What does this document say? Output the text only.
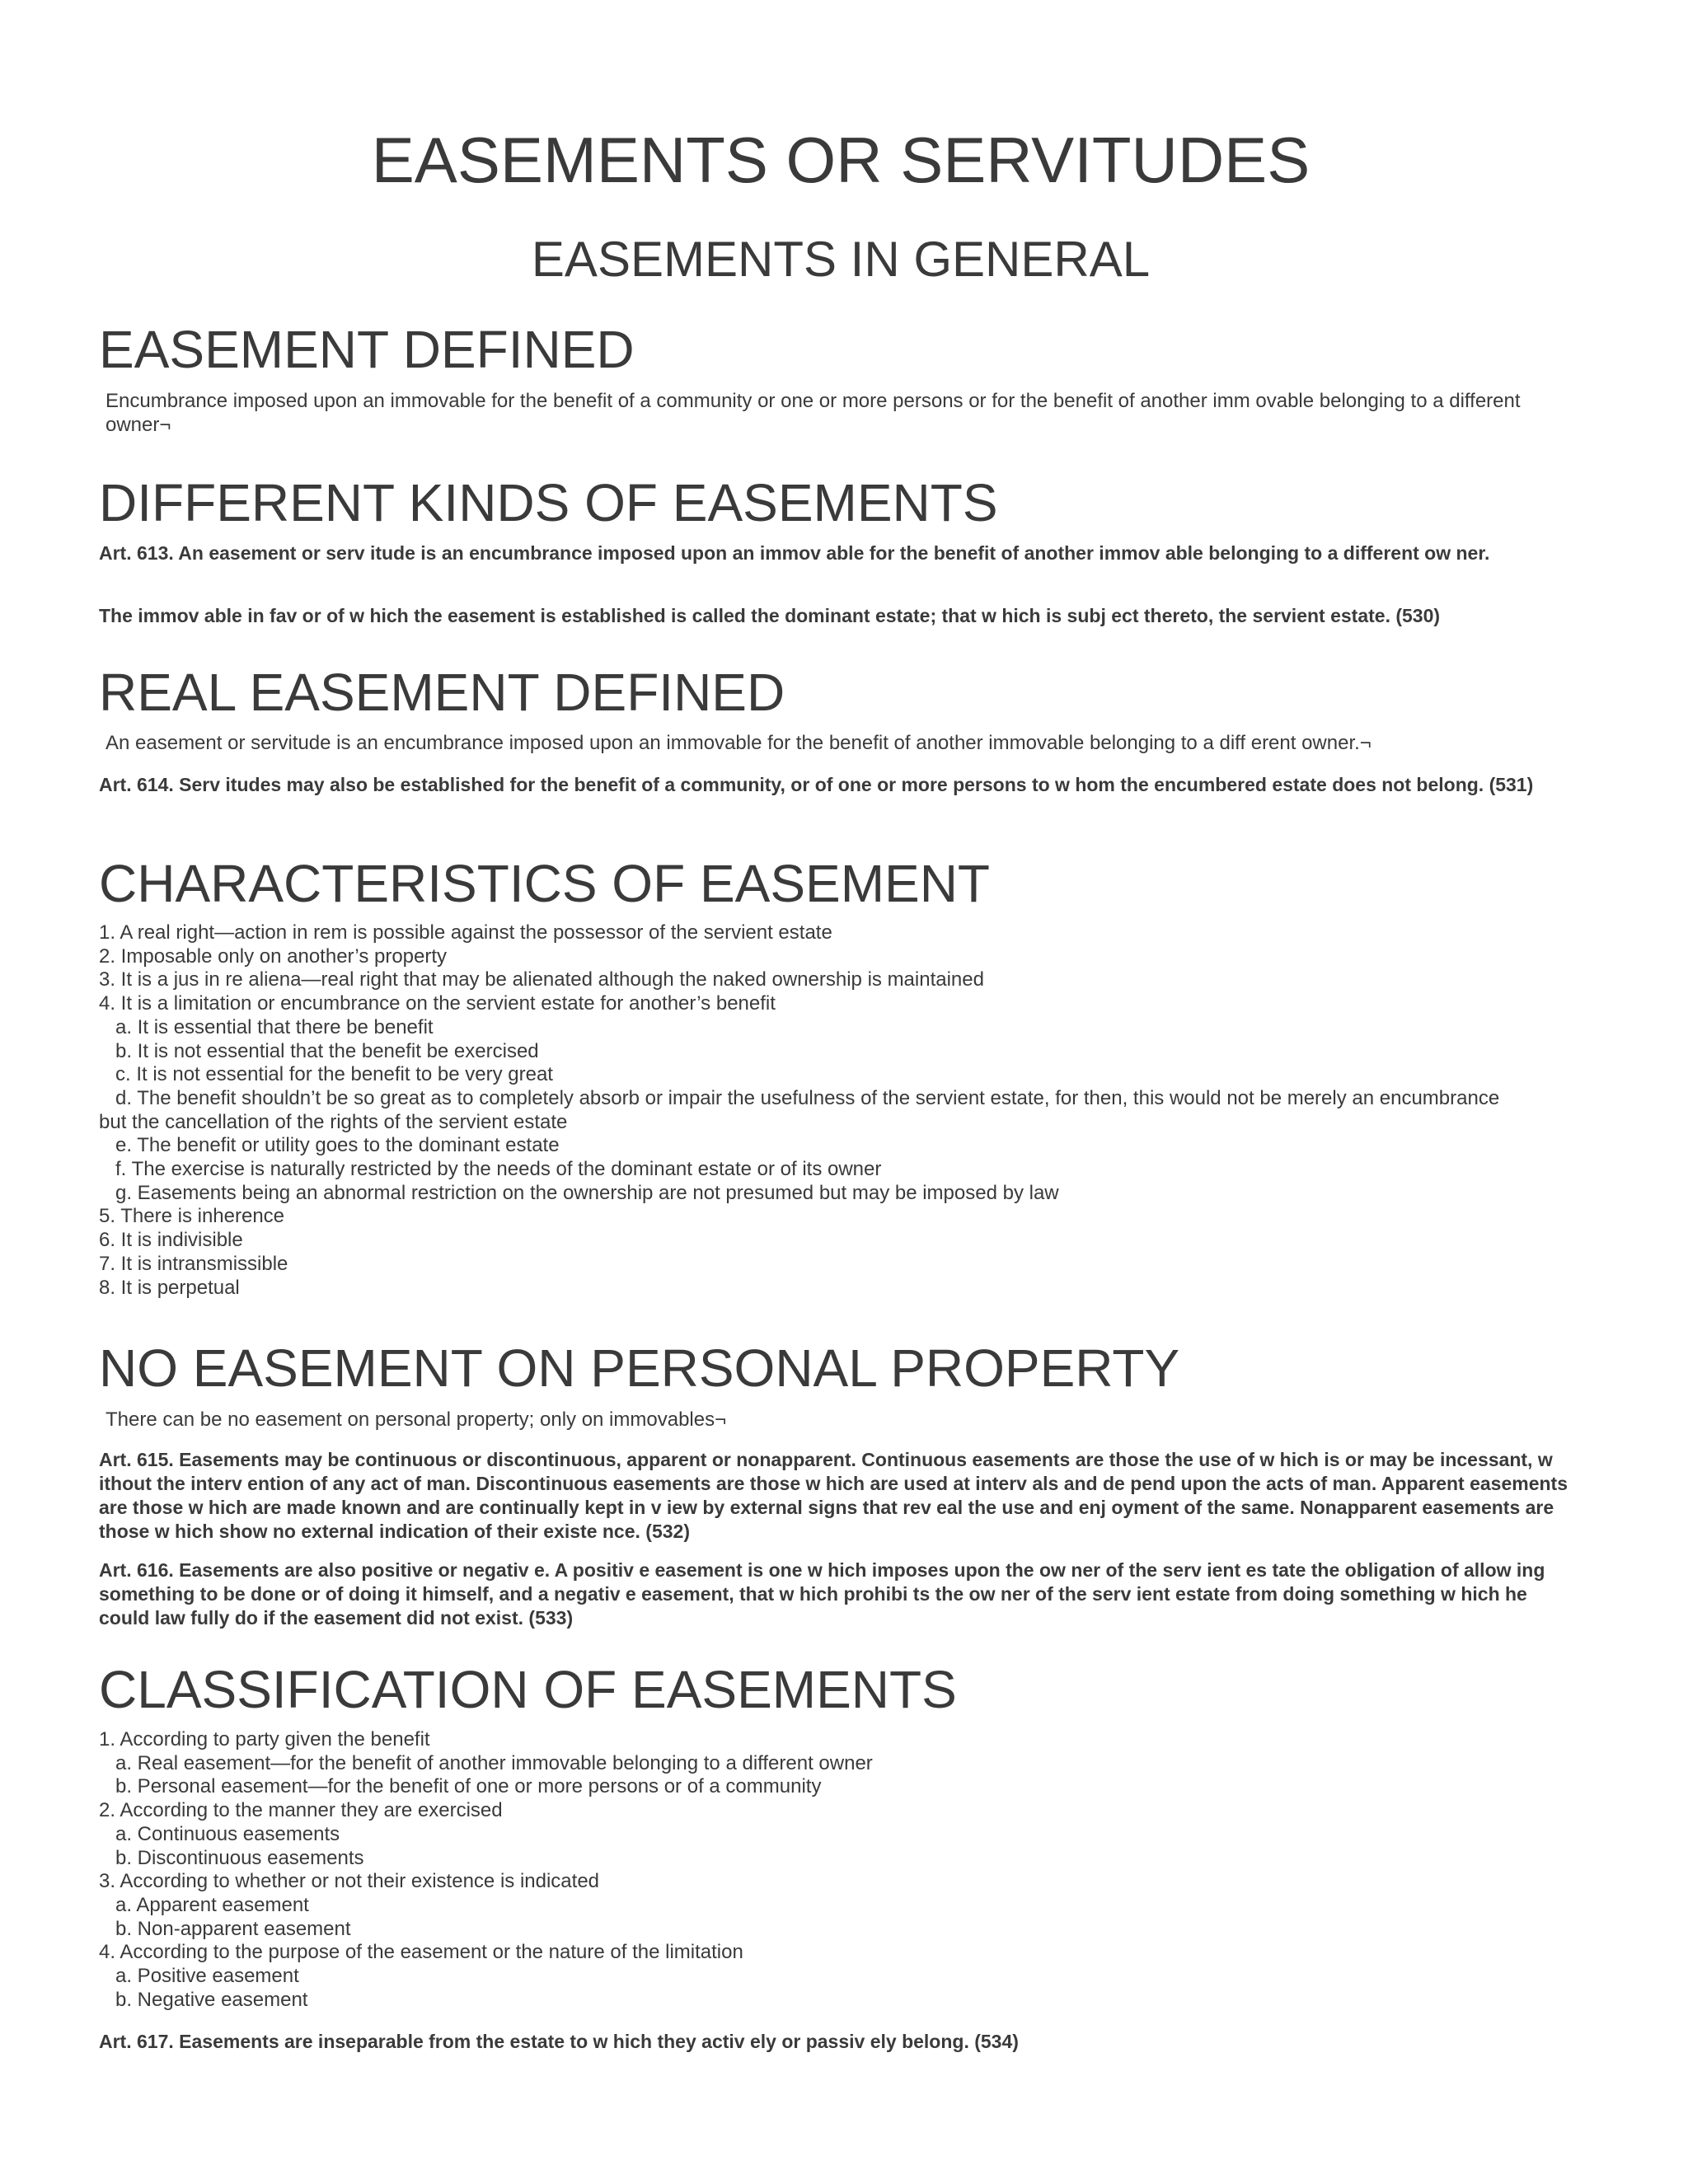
EASEMENTS OR SERVITUDES
EASEMENTS IN GENERAL
EASEMENT DEFINED
Encumbrance imposed upon an immovable for the benefit of a community or one or more persons or for the benefit of another imm ovable belonging to a different owner¬
DIFFERENT KINDS OF EASEMENTS
Art. 613. An easement or serv itude is an encumbrance imposed upon an immov able for the benefit of another immov able belonging to a different ow ner.
The immov able in fav or of w hich the easement is established is called the dominant estate; that w hich is subj ect thereto, the servient estate. (530)
REAL EASEMENT DEFINED
An easement or servitude is an encumbrance imposed upon an immovable for the benefit of another immovable belonging to a diff erent owner.¬
Art. 614. Serv itudes may also be established for the benefit of a community, or of one or more persons to w hom the encumbered estate does not belong. (531)
CHARACTERISTICS OF EASEMENT
1. A real right—action in rem is possible against the possessor of the servient estate
2. Imposable only on another’s property
3. It is a jus in re aliena—real right that may be alienated although the naked ownership is maintained
4. It is a limitation or encumbrance on the servient estate for another’s benefit
a. It is essential that there be benefit
b. It is not essential that the benefit be exercised
c. It is not essential for the benefit to be very great
d. The benefit shouldn’t be so great as to completely absorb or impair the usefulness of the servient estate, for then, this would not be merely an encumbrance
but the cancellation of the rights of the servient estate
e. The benefit or utility goes to the dominant estate
f. The exercise is naturally restricted by the needs of the dominant estate or of its owner
g. Easements being an abnormal restriction on the ownership are not presumed but may be imposed by law
5. There is inherence
6. It is indivisible
7. It is intransmissible
8. It is perpetual
NO EASEMENT ON PERSONAL PROPERTY
There can be no easement on personal property; only on immovables¬
Art. 615. Easements may be continuous or discontinuous, apparent or nonapparent. Continuous easements are those the use of w hich is or may be incessant, w ithout the interv ention of any act of man. Discontinuous easements are those w hich are used at interv als and de pend upon the acts of man. Apparent easements are those w hich are made known and are continually kept in v iew by external signs that rev eal the use and enj oyment of the same. Nonapparent easements are those w hich show no external indication of their existe nce. (532)
Art. 616. Easements are also positive or negativ e. A positiv e easement is one w hich imposes upon the ow ner of the serv ient es tate the obligation of allow ing something to be done or of doing it himself, and a negativ e easement, that w hich prohibi ts the ow ner of the serv ient estate from doing something w hich he could law fully do if the easement did not exist. (533)
CLASSIFICATION OF EASEMENTS
1. According to party given the benefit
a. Real easement—for the benefit of another immovable belonging to a different owner
b. Personal easement—for the benefit of one or more persons or of a community
2. According to the manner they are exercised
a. Continuous easements
b. Discontinuous easements
3. According to whether or not their existence is indicated
a. Apparent easement
b. Non-apparent easement
4. According to the purpose of the easement or the nature of the limitation
a. Positive easement
b. Negative easement
Art. 617. Easements are inseparable from the estate to w hich they activ ely or passiv ely belong. (534)
